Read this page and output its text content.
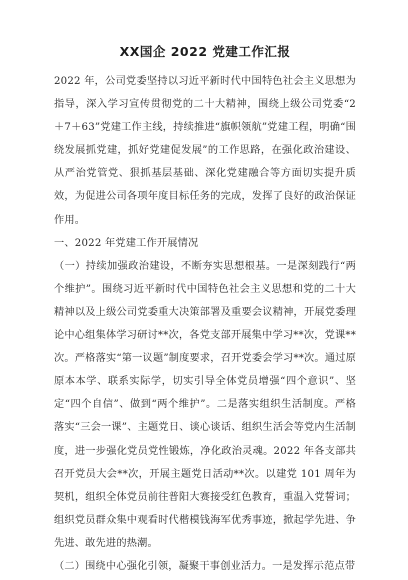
XX国企 2022 党建工作汇报

2022 年，公司党委坚持以习近平新时代中国特色社会主义思想为指导，深入学习宣传贯彻党的二十大精神，围绕上级公司党委“2＋7＋63”党建工作主线，持续推进“旗帜领航”党建工程，明确“围绕发展抓党建，抓好党建促发展”的工作思路，在强化政治建设、从严治党管党、狠抓基层基础、深化党建融合等方面切实提升质效，为促进公司各项年度目标任务的完成，发挥了良好的政治保证作用。

一、2022 年党建工作开展情况

（一）持续加强政治建设，不断夯实思想根基。一是深刻践行“两个维护”。围绕习近平新时代中国特色社会主义思想和党的二十大精神以及上级公司党委重大决策部署及重要会议精神，开展党委理论中心组集体学习研讨**次，各党支部开展集中学习**次，党课**次。严格落实“第一议题”制度要求，召开党委会学习**次。通过原原本本学、联系实际学，切实引导全体党员增强“四个意识”、坚定“四个自信”、做到“两个维护”。二是落实组织生活制度。严格落实“三会一课”、主题党日、谈心谈话、组织生活会等党内生活制度，进一步强化党员党性锻炼，净化政治灵魂。2022 年各支部共召开党员大会**次，开展主题党日活动**次。以建党 101 周年为契机，组织全体党员前往普阳大赛接受红色教育，重温入党誓词；组织党员群众集中观看时代楷模钱海军优秀事迹，掀起学先进、争先进、敢先进的热潮。

（二）围绕中心强化引领，凝聚干事创业活力。一是发挥示范点带
